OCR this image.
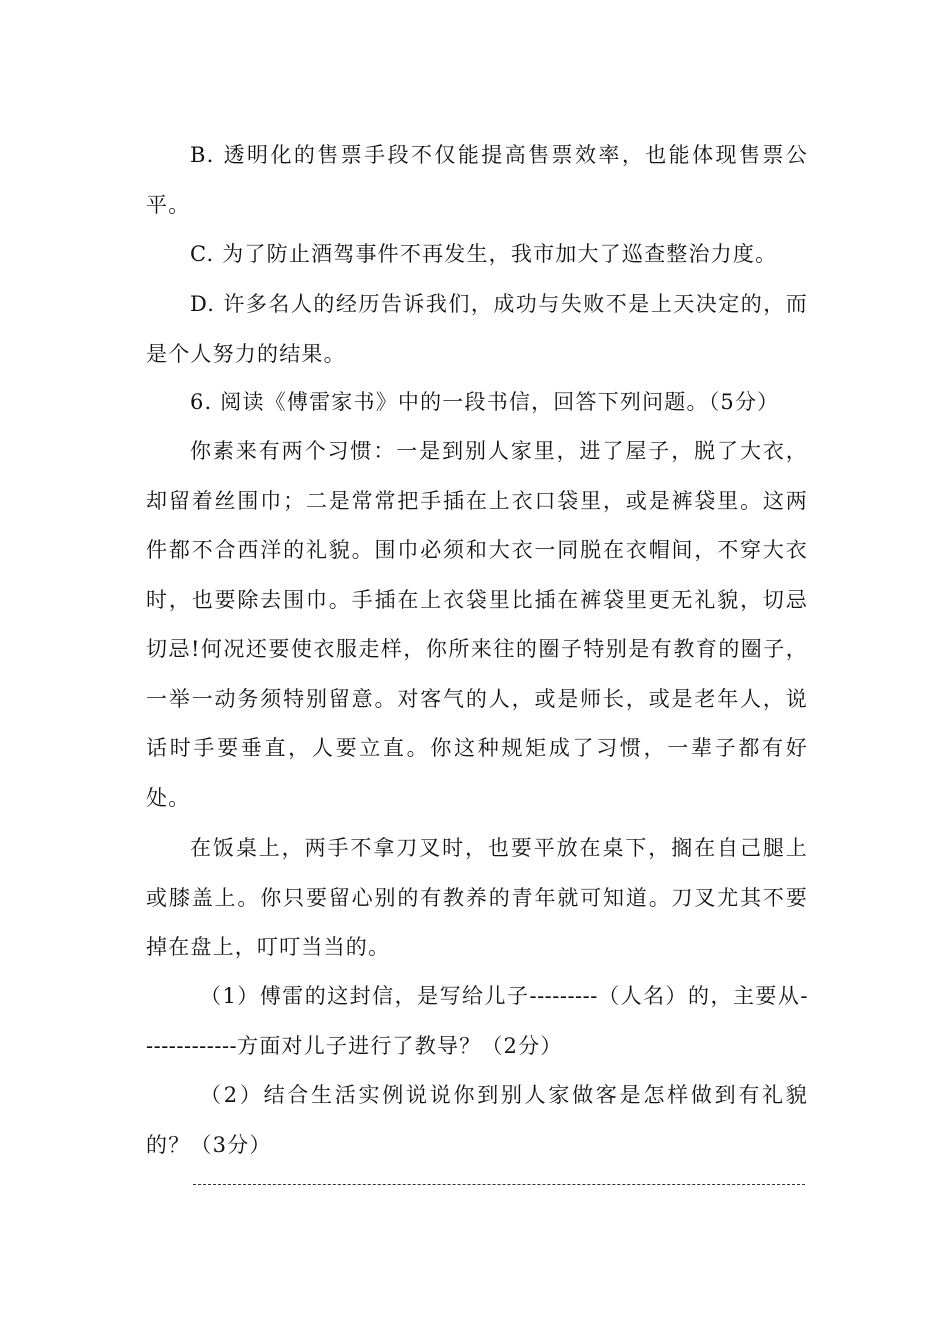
B. 透明化的售票手段不仅能提高售票效率，也能体现售票公平。

C. 为了防止酒驾事件不再发生，我市加大了巡查整治力度。

D. 许多名人的经历告诉我们，成功与失败不是上天决定的，而是个人努力的结果。

6. 阅读《傅雷家书》中的一段书信，回答下列问题。（5分）

你素来有两个习惯：一是到别人家里，进了屋子，脱了大衣，却留着丝围巾；二是常常把手插在上衣口袋里，或是裤袋里。这两件都不合西洋的礼貌。围巾必须和大衣一同脱在衣帽间，不穿大衣时，也要除去围巾。手插在上衣袋里比插在裤袋里更无礼貌，切忌切忌!何况还要使衣服走样，你所来往的圈子特别是有教育的圈子，一举一动务须特别留意。对客气的人，或是师长，或是老年人，说话时手要垂直，人要立直。你这种规矩成了习惯，一辈子都有好处。

在饭桌上，两手不拿刀叉时，也要平放在桌下，搁在自己腿上或膝盖上。你只要留心别的有教养的青年就可知道。刀叉尤其不要掉在盘上，叮叮当当的。

（1）傅雷的这封信，是写给儿子---------（人名）的，主要从-------------方面对儿子进行了教导？（2分）

（2）结合生活实例说说你到别人家做客是怎样做到有礼貌的？（3分）
